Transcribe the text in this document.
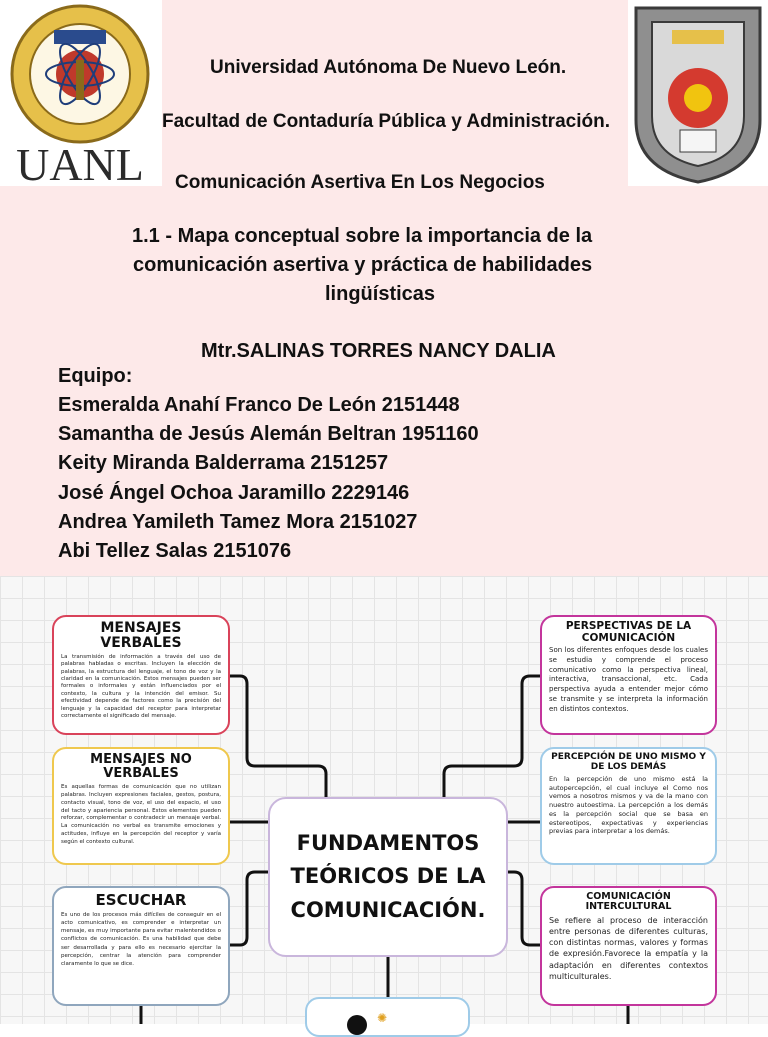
UANL
Universidad Autónoma De Nuevo León.
Facultad de Contaduría Pública y Administración.
Comunicación Asertiva En Los Negocios
1.1 - Mapa conceptual sobre la importancia de la
comunicación asertiva y práctica de habilidades
lingüísticas
Mtr.SALINAS TORRES NANCY DALIA
Equipo:
Esmeralda Anahí Franco De León 2151448
Samantha de Jesús Alemán Beltran 1951160
Keity Miranda Balderrama 2151257
José Ángel Ochoa Jaramillo 2229146
Andrea Yamileth Tamez Mora 2151027
Abi Tellez Salas 2151076
MENSAJES VERBALES

La transmisión de información a través del uso de palabras habladas o escritas. Incluyen la elección de palabras, la estructura del lenguaje, el tono de voz y la claridad en la comunicación. Estos mensajes pueden ser formales o informales y están influenciados por el contexto, la cultura y la intención del emisor. Su efectividad depende de factores como la precisión del lenguaje y la capacidad del receptor para interpretar correctamente el significado del mensaje.

MENSAJES NO VERBALES

Es aquellas formas de comunicación que no utilizan palabras. Incluyen expresiones faciales, gestos, postura, contacto visual, tono de voz, el uso del espacio, el uso del tacto y apariencia personal. Estos elementos pueden reforzar, complementar o contradecir un mensaje verbal. La comunicación no verbal es transmite emociones y actitudes, influye en la percepción del receptor y varía según el contexto cultural.

ESCUCHAR

Es uno de los procesos más difíciles de conseguir en el acto comunicativo, es comprender e interpretar un mensaje, es muy importante para evitar malentendidos o conflictos de comunicación. Es una habilidad que debe ser desarrollada y para ello es necesario ejercitar la percepción, centrar la atención para comprender claramente lo que se dice.

PERSPECTIVAS DE LA COMUNICACIÓN

Son los diferentes enfoques desde los cuales se estudia y comprende el proceso comunicativo como la perspectiva lineal, interactiva, transaccional, etc. Cada perspectiva ayuda a entender mejor cómo se transmite y se interpreta la información en distintos contextos.

PERCEPCIÓN DE UNO MISMO Y DE LOS DEMÁS

En la percepción de uno mismo está la autopercepción, el cual incluye el Como nos vemos a nosotros mismos y va de la mano con nuestro autoestima. La percepción a los demás es la percepción social que se basa en estereotipos, expectativas y experiencias previas para interpretar a los demás.

COMUNICACIÓN INTERCULTURAL

Se refiere al proceso de interacción entre personas de diferentes culturas, con distintas normas, valores y formas de expresión.Favorece la empatía y la adaptación en diferentes contextos multiculturales.

FUNDAMENTOS
TEÓRICOS DE LA
COMUNICACIÓN.
✺
